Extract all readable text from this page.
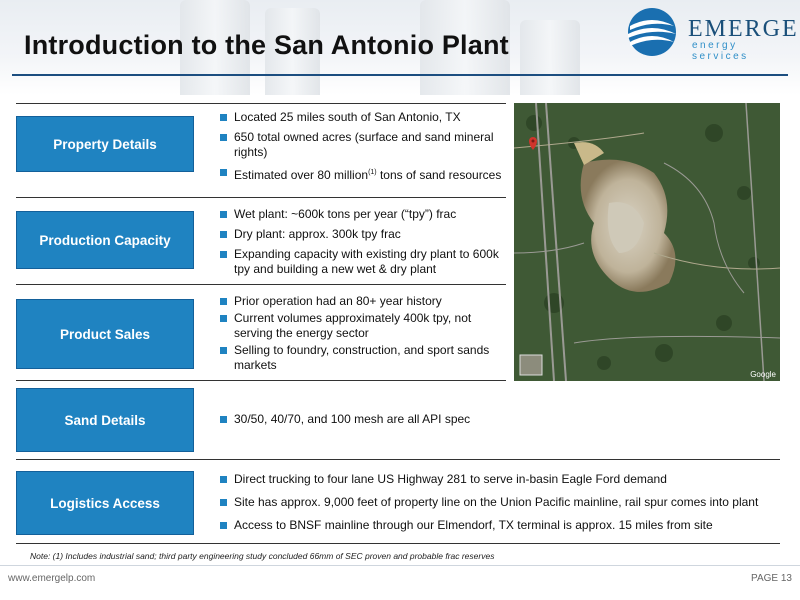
Introduction to the San Antonio Plant
EMERGE
energy services
Property Details
Located 25 miles south of San Antonio, TX
650 total owned acres (surface and sand mineral rights)
Estimated over 80 million$^{(1)}$ tons of sand resources
Production Capacity
Wet plant: ~600k tons per year (“tpy”) frac
Dry plant: approx. 300k tpy frac
Expanding capacity with existing dry plant to 600k tpy and building a new wet & dry plant
Product Sales
Prior operation had an 80+ year history
Current volumes approximately 400k tpy, not serving the energy sector
Selling to foundry, construction, and sport sands markets
Sand Details	30/50, 40/70, and 100 mesh are all API spec
Logistics Access
Direct trucking to four lane US Highway 281 to serve in-basin Eagle Ford demand
Site has approx. 9,000 feet of property line on the Union Pacific mainline, rail spur comes into plant
Access to BNSF mainline through our Elmendorf, TX terminal is approx. 15 miles from site
Google
Note: (1) Includes industrial sand; third party engineering study concluded 66mm of SEC proven and probable frac reserves
www.emergelp.com	PAGE 13
